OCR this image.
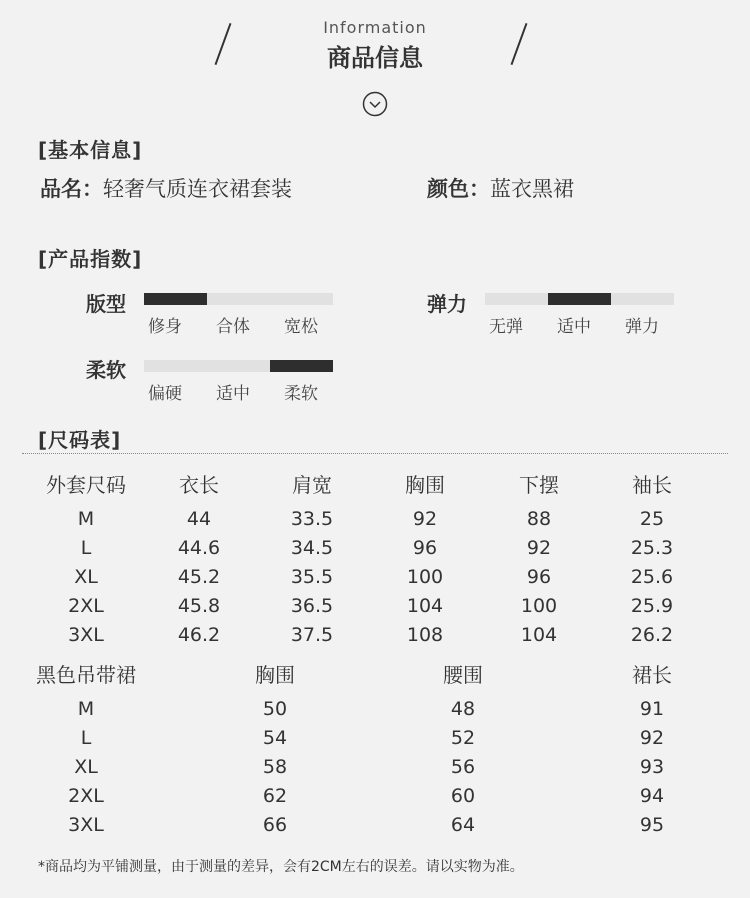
Information
商品信息
[基本信息]
品名：轻奢气质连衣裙套装	颜色：蓝衣黑裙
[产品指数]
版型
修身 合体 宽松
弹力
无弹 适中 弹力
柔软
偏硬 适中 柔软
[尺码表]
外套尺码	衣长	肩宽	胸围	下摆	袖长
M	44	33.5	92	88	25
L	44.6	34.5	96	92	25.3
XL	45.2	35.5	100	96	25.6
2XL	45.8	36.5	104	100	25.9
3XL	46.2	37.5	108	104	26.2
黑色吊带裙	胸围	腰围	裙长
M	50	48	91
L	54	52	92
XL	58	56	93
2XL	62	60	94
3XL	66	64	95
*商品均为平铺测量，由于测量的差异，会有2CM左右的误差。请以实物为准。
